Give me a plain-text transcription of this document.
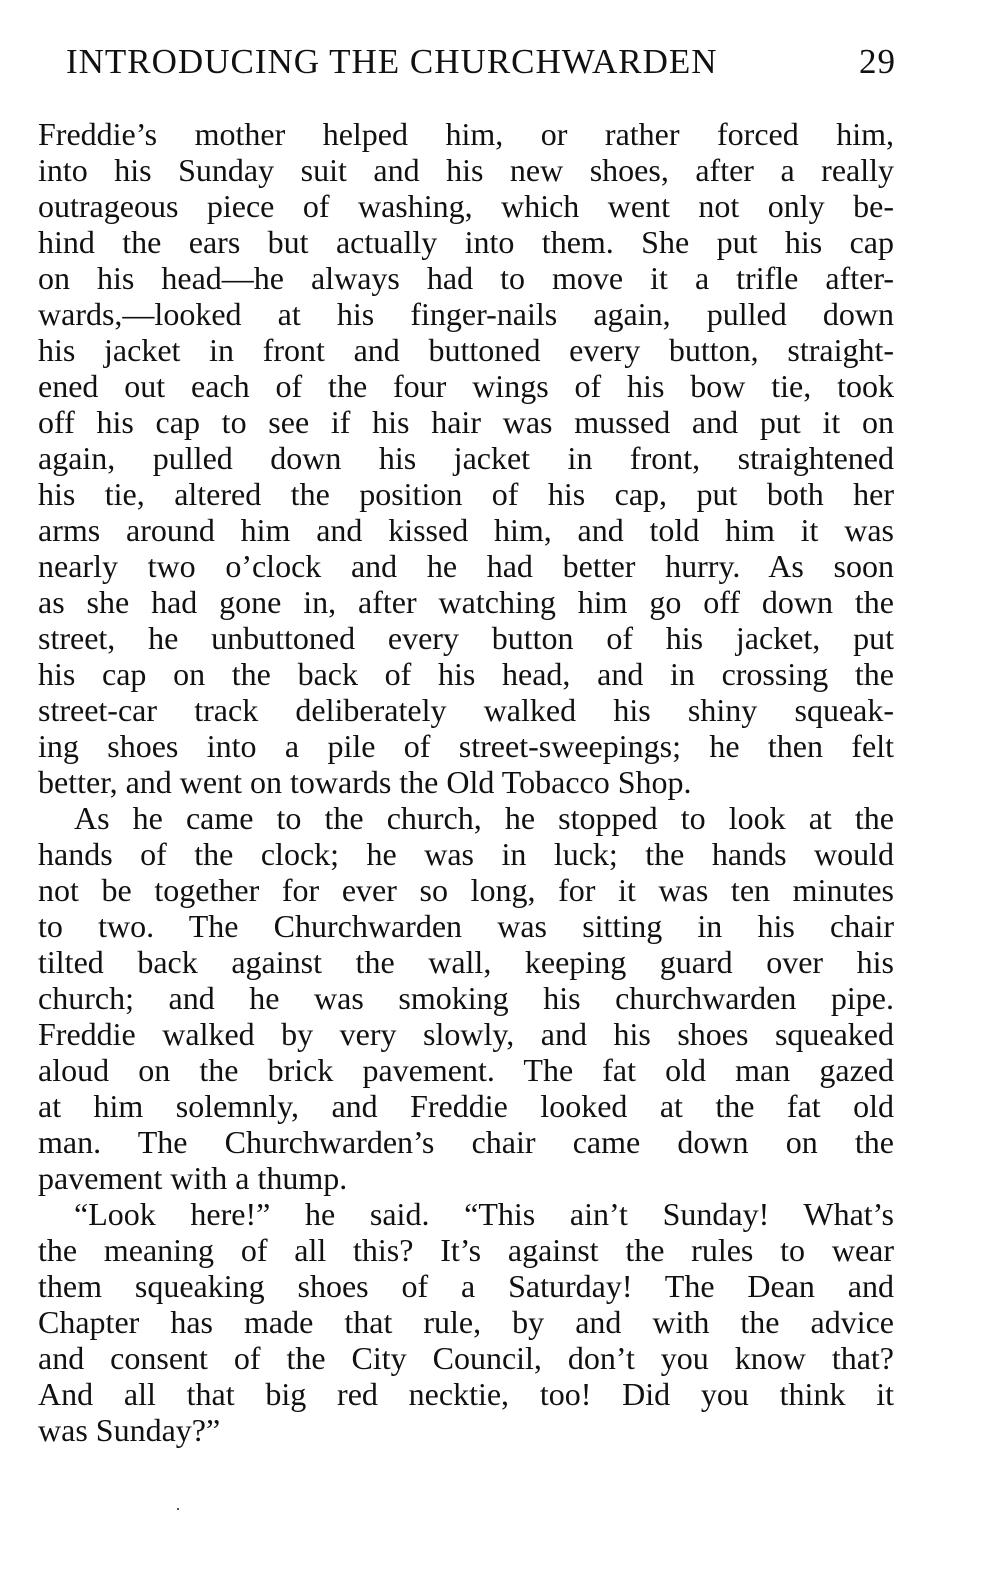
INTRODUCING THE CHURCHWARDEN	29
Freddie’s mother helped him, or rather forced him,
into his Sunday suit and his new shoes, after a really
outrageous piece of washing, which went not only be-
hind the ears but actually into them. She put his cap
on his head—he always had to move it a trifle after-
wards,—looked at his finger-nails again, pulled down
his jacket in front and buttoned every button, straight-
ened out each of the four wings of his bow tie, took
off his cap to see if his hair was mussed and put it on
again, pulled down his jacket in front, straightened
his tie, altered the position of his cap, put both her
arms around him and kissed him, and told him it was
nearly two o’clock and he had better hurry. As soon
as she had gone in, after watching him go off down the
street, he unbuttoned every button of his jacket, put
his cap on the back of his head, and in crossing the
street-car track deliberately walked his shiny squeak-
ing shoes into a pile of street-sweepings; he then felt
better, and went on towards the Old Tobacco Shop.
As he came to the church, he stopped to look at the
hands of the clock; he was in luck; the hands would
not be together for ever so long, for it was ten minutes
to two. The Churchwarden was sitting in his chair
tilted back against the wall, keeping guard over his
church; and he was smoking his churchwarden pipe.
Freddie walked by very slowly, and his shoes squeaked
aloud on the brick pavement. The fat old man gazed
at him solemnly, and Freddie looked at the fat old
man. The Churchwarden’s chair came down on the
pavement with a thump.
“Look here!” he said. “This ain’t Sunday! What’s
the meaning of all this? It’s against the rules to wear
them squeaking shoes of a Saturday! The Dean and
Chapter has made that rule, by and with the advice
and consent of the City Council, don’t you know that?
And all that big red necktie, too! Did you think it
was Sunday?”
